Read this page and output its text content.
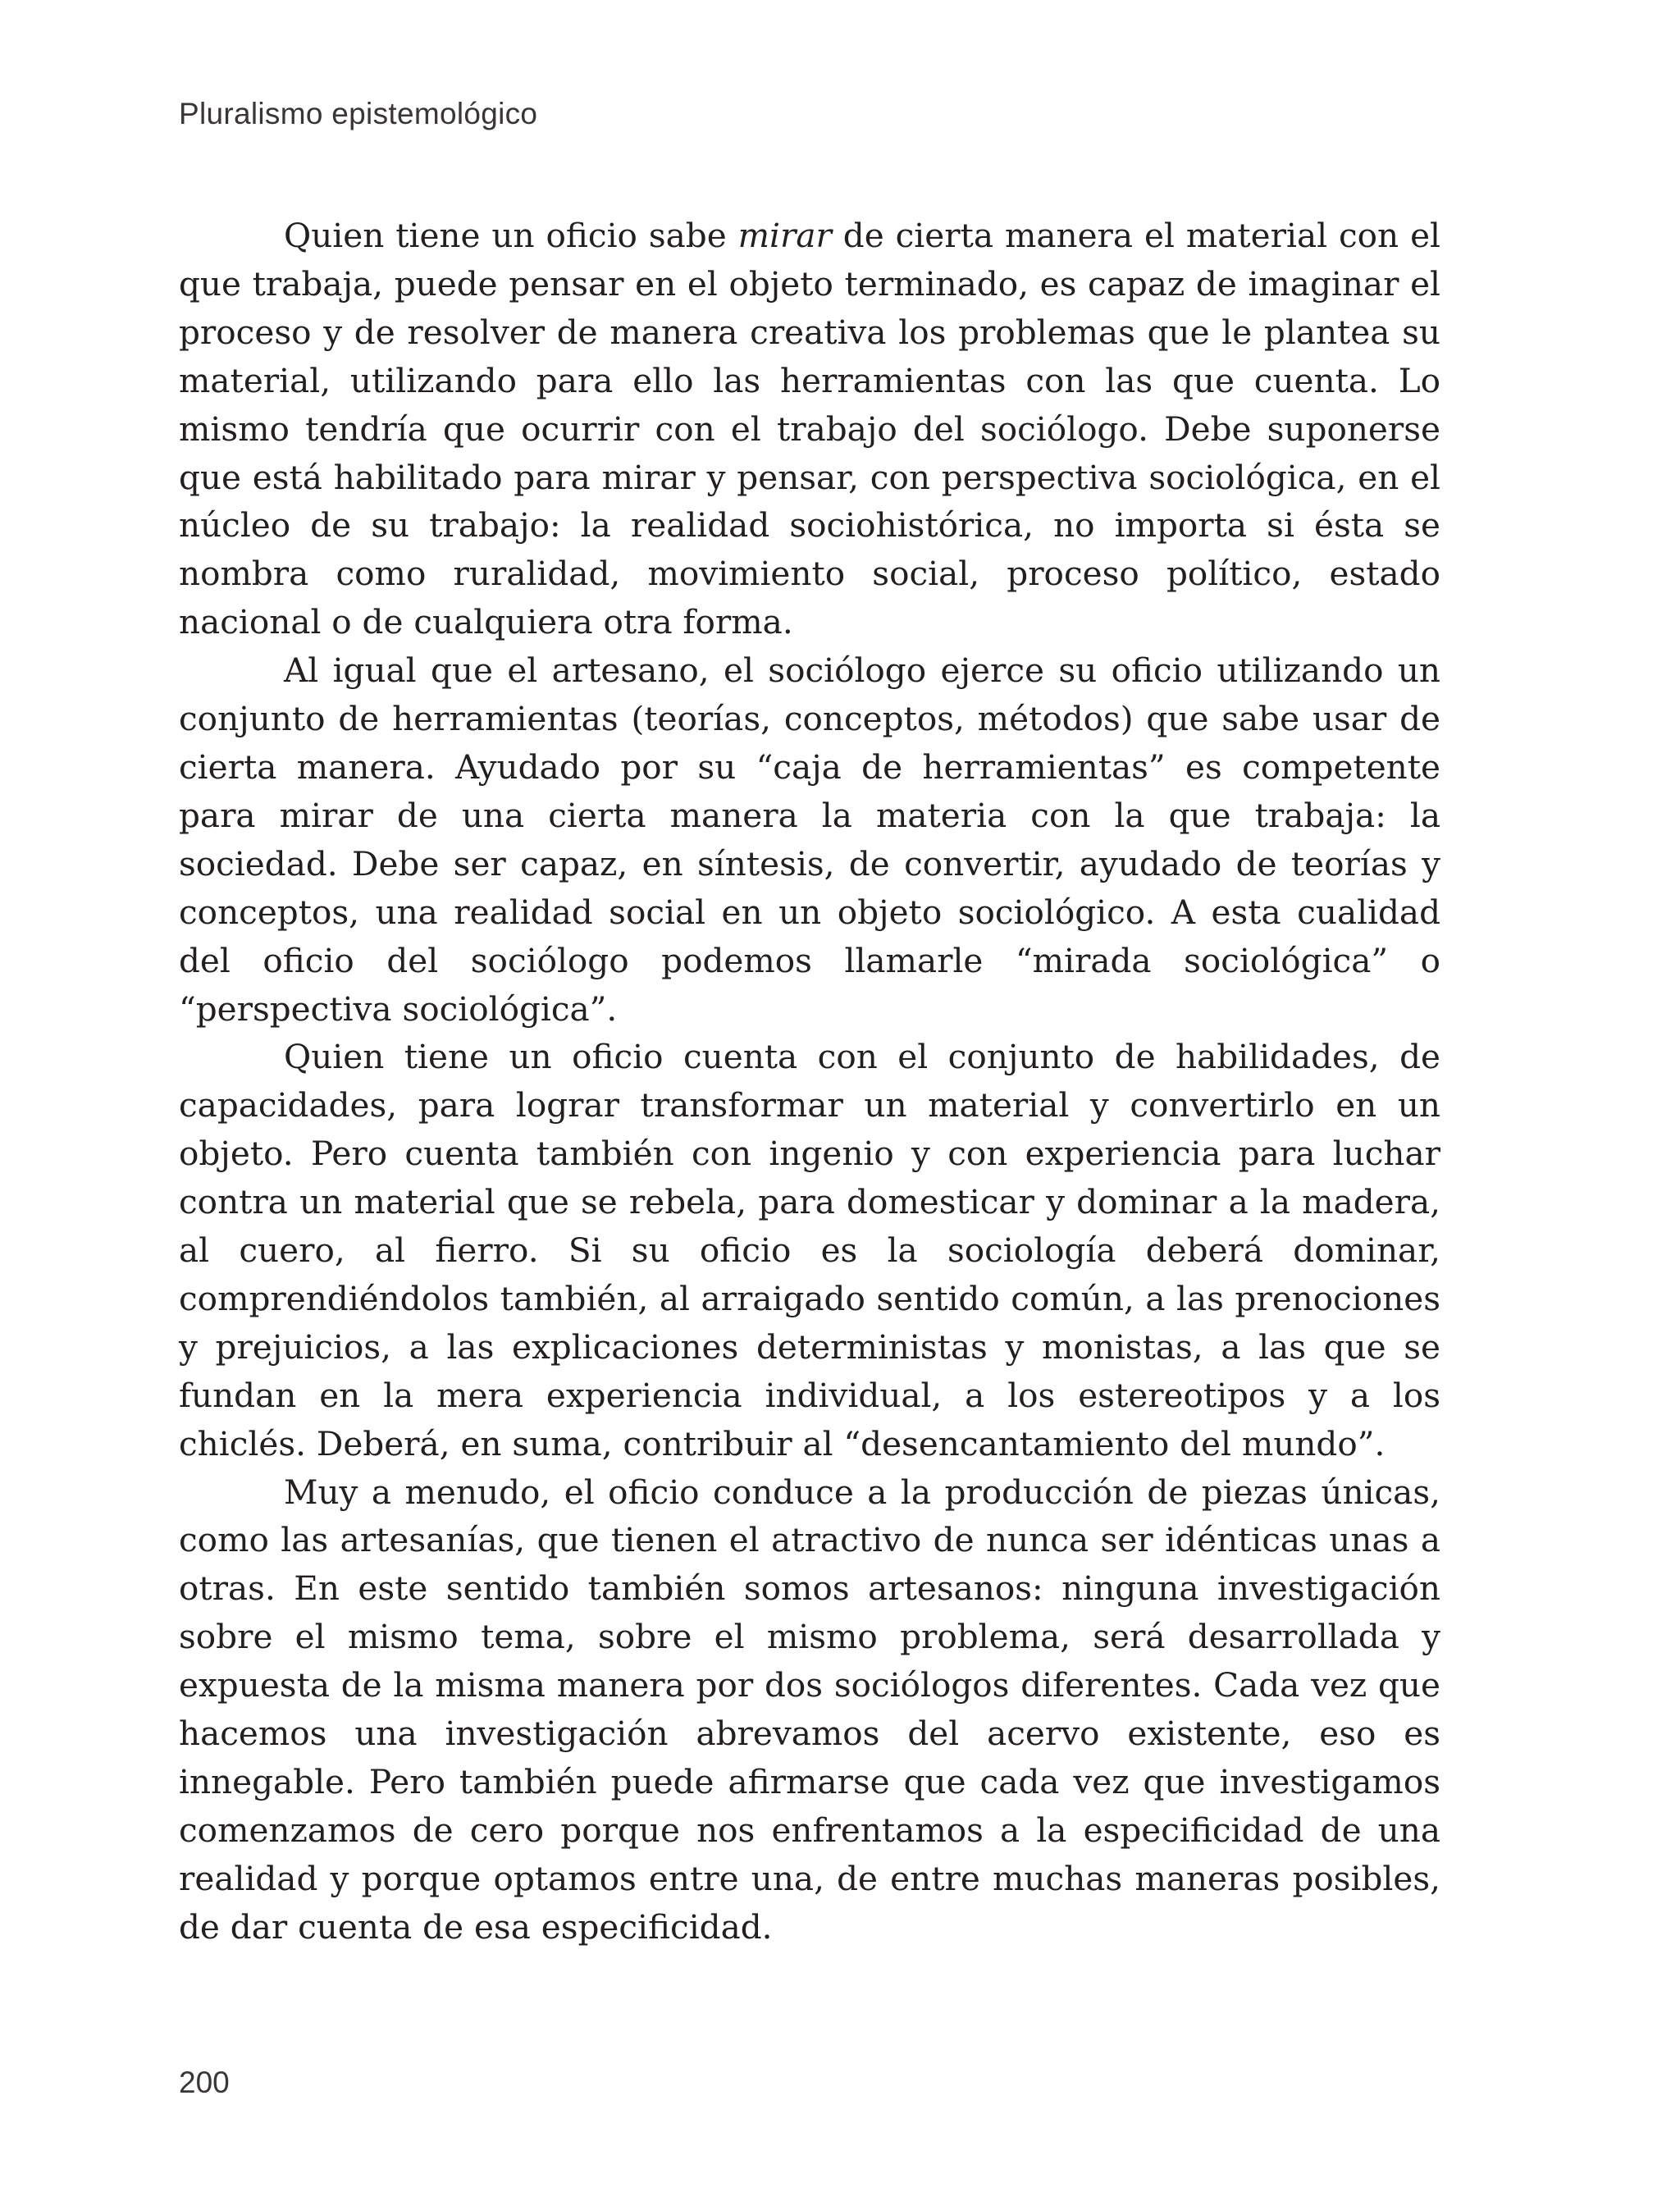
Pluralismo epistemológico

Quien tiene un oficio sabe mirar de cierta manera el material con el que trabaja, puede pensar en el objeto terminado, es capaz de imaginar el proceso y de resolver de manera creativa los problemas que le plantea su material, utilizando para ello las herramientas con las que cuenta. Lo mismo tendría que ocurrir con el trabajo del sociólogo. Debe suponerse que está habilitado para mirar y pensar, con perspectiva sociológica, en el núcleo de su trabajo: la realidad sociohistórica, no importa si ésta se nombra como ruralidad, movimiento social, proceso político, estado nacional o de cualquiera otra forma.

Al igual que el artesano, el sociólogo ejerce su oficio utilizando un conjunto de herramientas (teorías, conceptos, métodos) que sabe usar de cierta manera. Ayudado por su “caja de herramientas” es competente para mirar de una cierta manera la materia con la que trabaja: la sociedad. Debe ser capaz, en síntesis, de convertir, ayudado de teorías y conceptos, una realidad social en un objeto sociológico. A esta cualidad del oficio del sociólogo podemos llamarle “mirada sociológica” o “perspectiva sociológica”.

Quien tiene un oficio cuenta con el conjunto de habilidades, de capacidades, para lograr transformar un material y convertirlo en un objeto. Pero cuenta también con ingenio y con experiencia para luchar contra un material que se rebela, para domesticar y dominar a la madera, al cuero, al fierro. Si su oficio es la sociología deberá dominar, comprendiéndolos también, al arraigado sentido común, a las prenociones y prejuicios, a las explicaciones deterministas y monistas, a las que se fundan en la mera experiencia individual, a los estereotipos y a los chiclés. Deberá, en suma, contribuir al “desencantamiento del mundo”.

Muy a menudo, el oficio conduce a la producción de piezas únicas, como las artesanías, que tienen el atractivo de nunca ser idénticas unas a otras. En este sentido también somos artesanos: ninguna investigación sobre el mismo tema, sobre el mismo problema, será desarrollada y expuesta de la misma manera por dos sociólogos diferentes. Cada vez que hacemos una investigación abrevamos del acervo existente, eso es innegable. Pero también puede afirmarse que cada vez que investigamos comenzamos de cero porque nos enfrentamos a la especificidad de una realidad y porque optamos entre una, de entre muchas maneras posibles, de dar cuenta de esa especificidad.

200
